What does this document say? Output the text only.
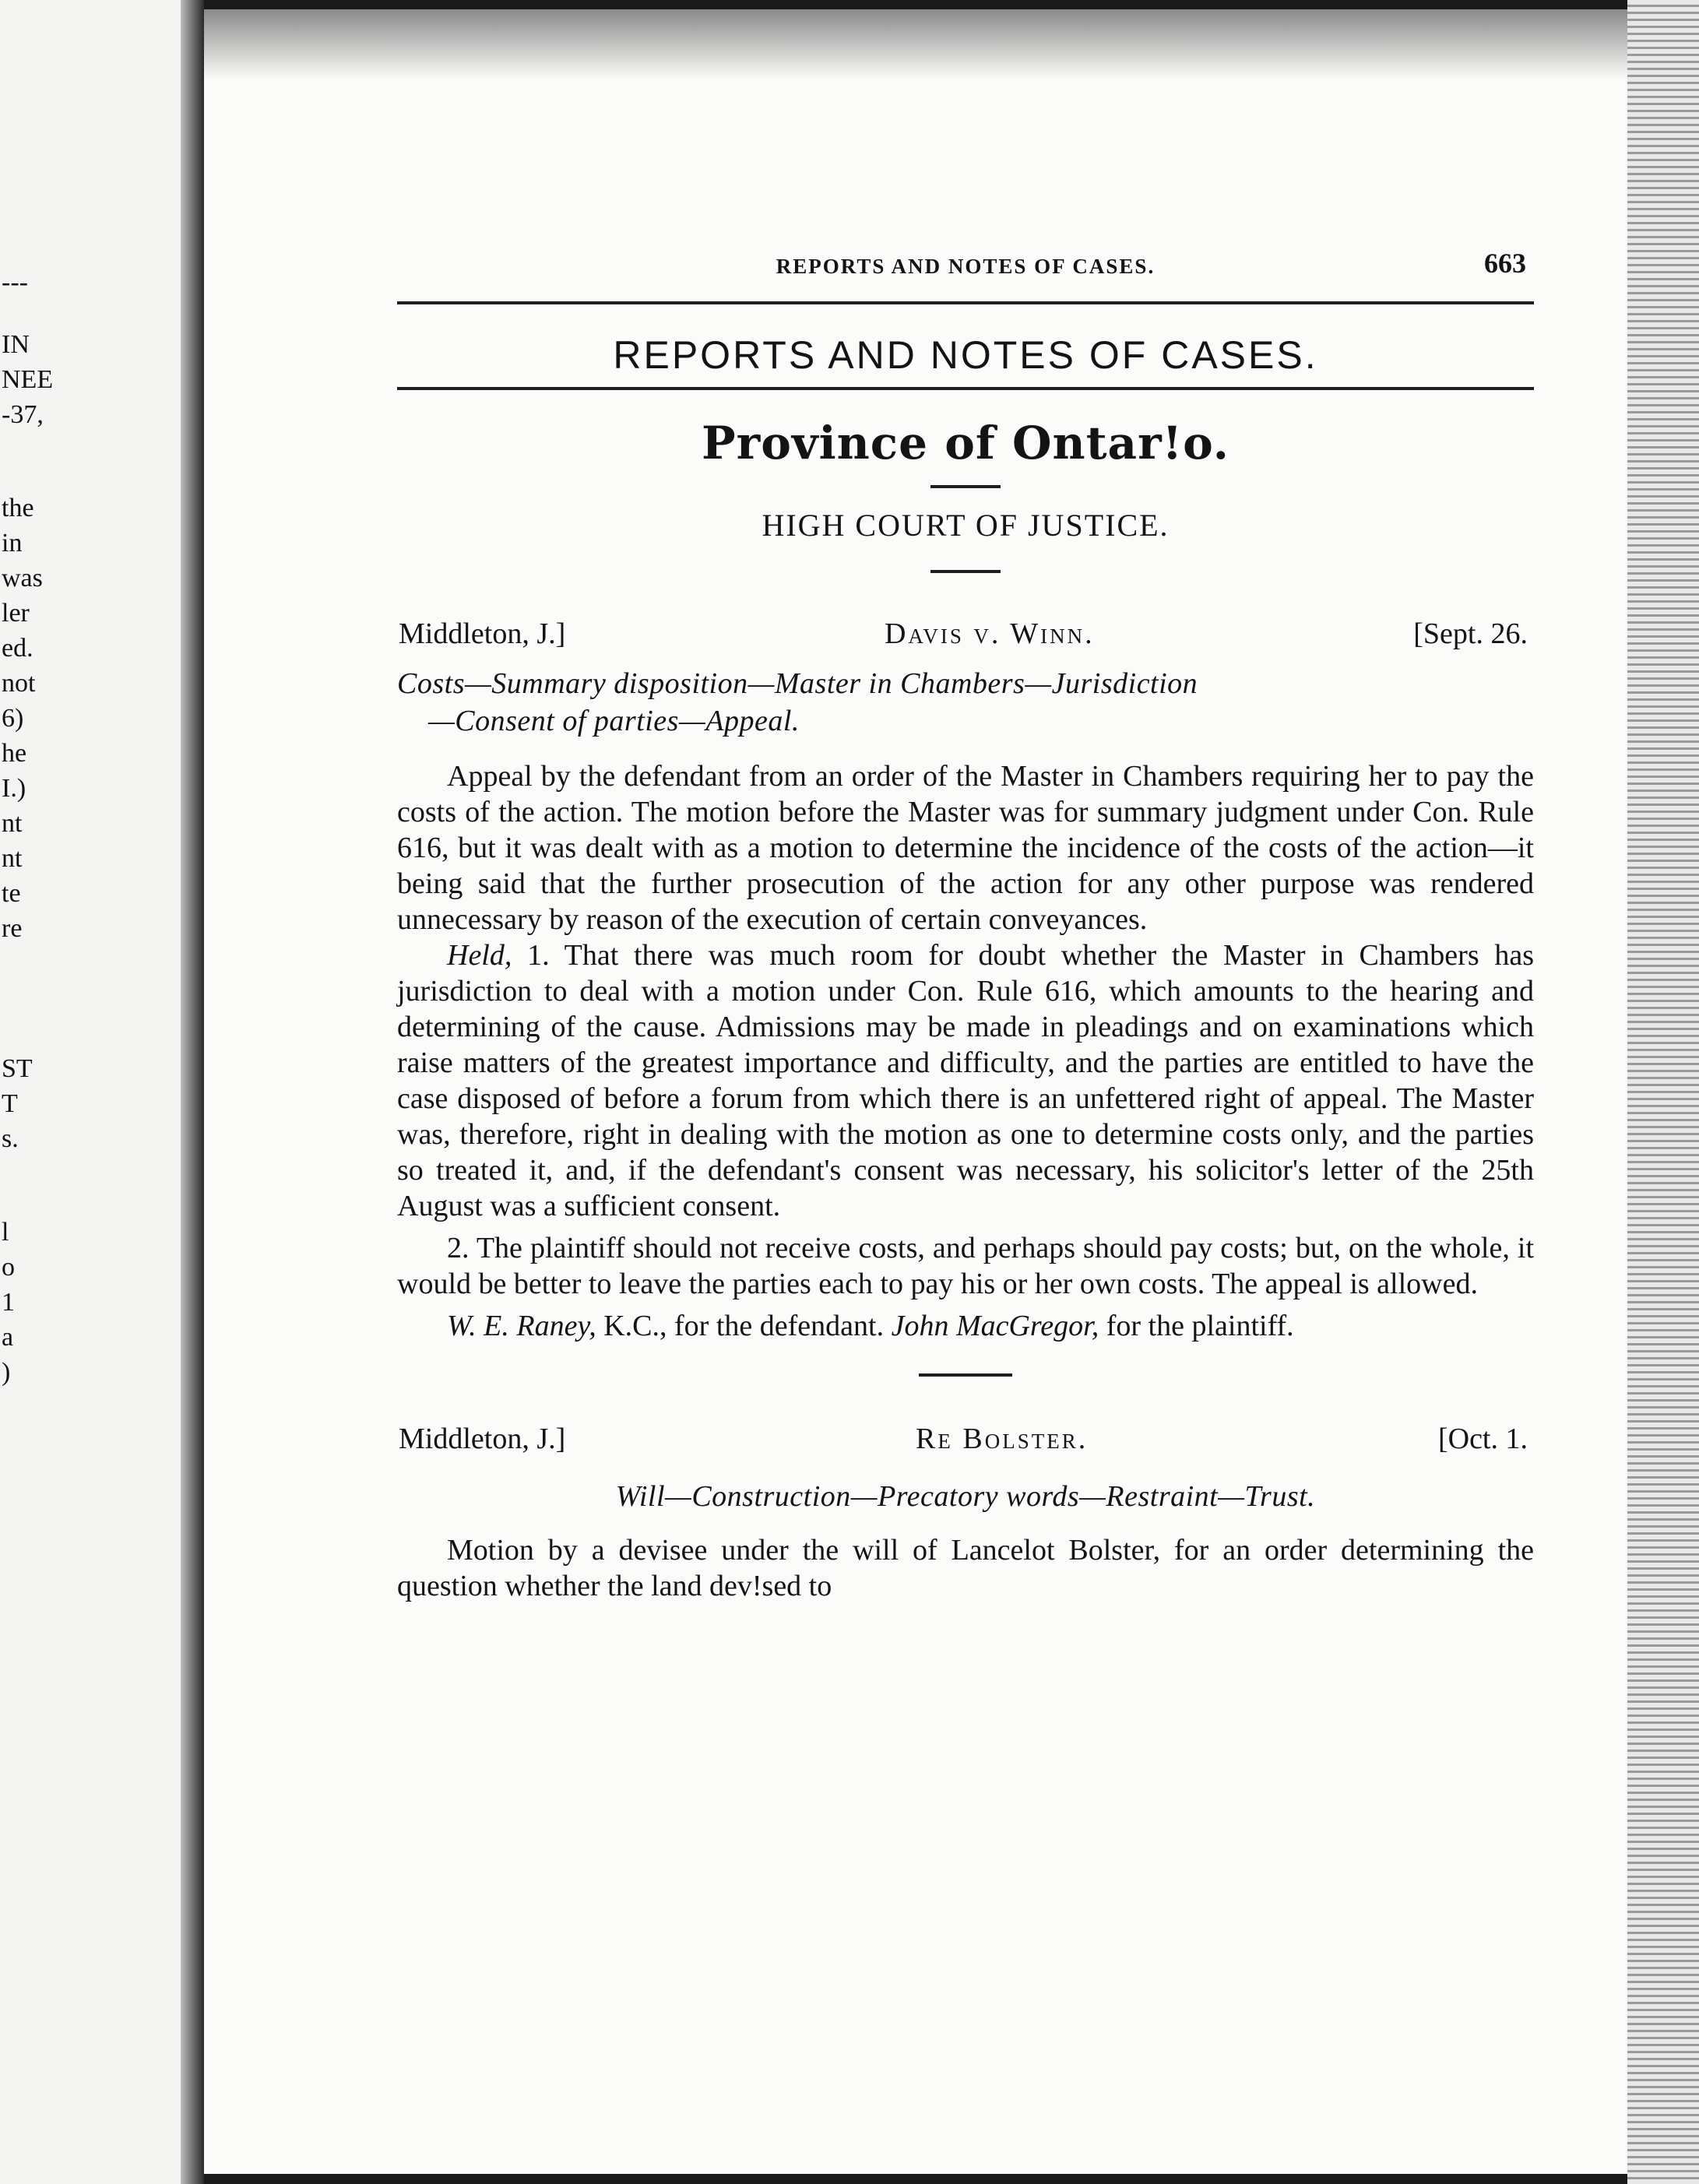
---
IN
NEE
-37,
the
in
was
ler
ed.
not
6)
he
I.)
nt
nt
te
re
ST
T
s.
l
o
1
a
)
REPORTS AND NOTES OF CASES.	663
REPORTS AND NOTES OF CASES.
Province of Ontar!o.
HIGH COURT OF JUSTICE.
Middleton, J.]	Davis v. Winn.	[Sept. 26.
Costs—Summary disposition—Master in Chambers—Jurisdiction
—Consent of parties—Appeal.

Appeal by the defendant from an order of the Master in Chambers requiring her to pay the costs of the action. The motion before the Master was for summary judgment under Con. Rule 616, but it was dealt with as a motion to determine the incidence of the costs of the action—it being said that the further prosecution of the action for any other purpose was rendered unnecessary by reason of the execution of certain conveyances.

Held, 1. That there was much room for doubt whether the Master in Chambers has jurisdiction to deal with a motion under Con. Rule 616, which amounts to the hearing and determining of the cause. Admissions may be made in pleadings and on examinations which raise matters of the greatest importance and difficulty, and the parties are entitled to have the case disposed of before a forum from which there is an unfettered right of appeal. The Master was, therefore, right in dealing with the motion as one to determine costs only, and the parties so treated it, and, if the defendant's consent was necessary, his solicitor's letter of the 25th August was a sufficient consent.

2. The plaintiff should not receive costs, and perhaps should pay costs; but, on the whole, it would be better to leave the parties each to pay his or her own costs. The appeal is allowed.

W. E. Raney, K.C., for the defendant. John MacGregor, for the plaintiff.

Middleton, J.]	Re Bolster.	[Oct. 1.
Will—Construction—Precatory words—Restraint—Trust.

Motion by a devisee under the will of Lancelot Bolster, for an order determining the question whether the land dev!sed to
